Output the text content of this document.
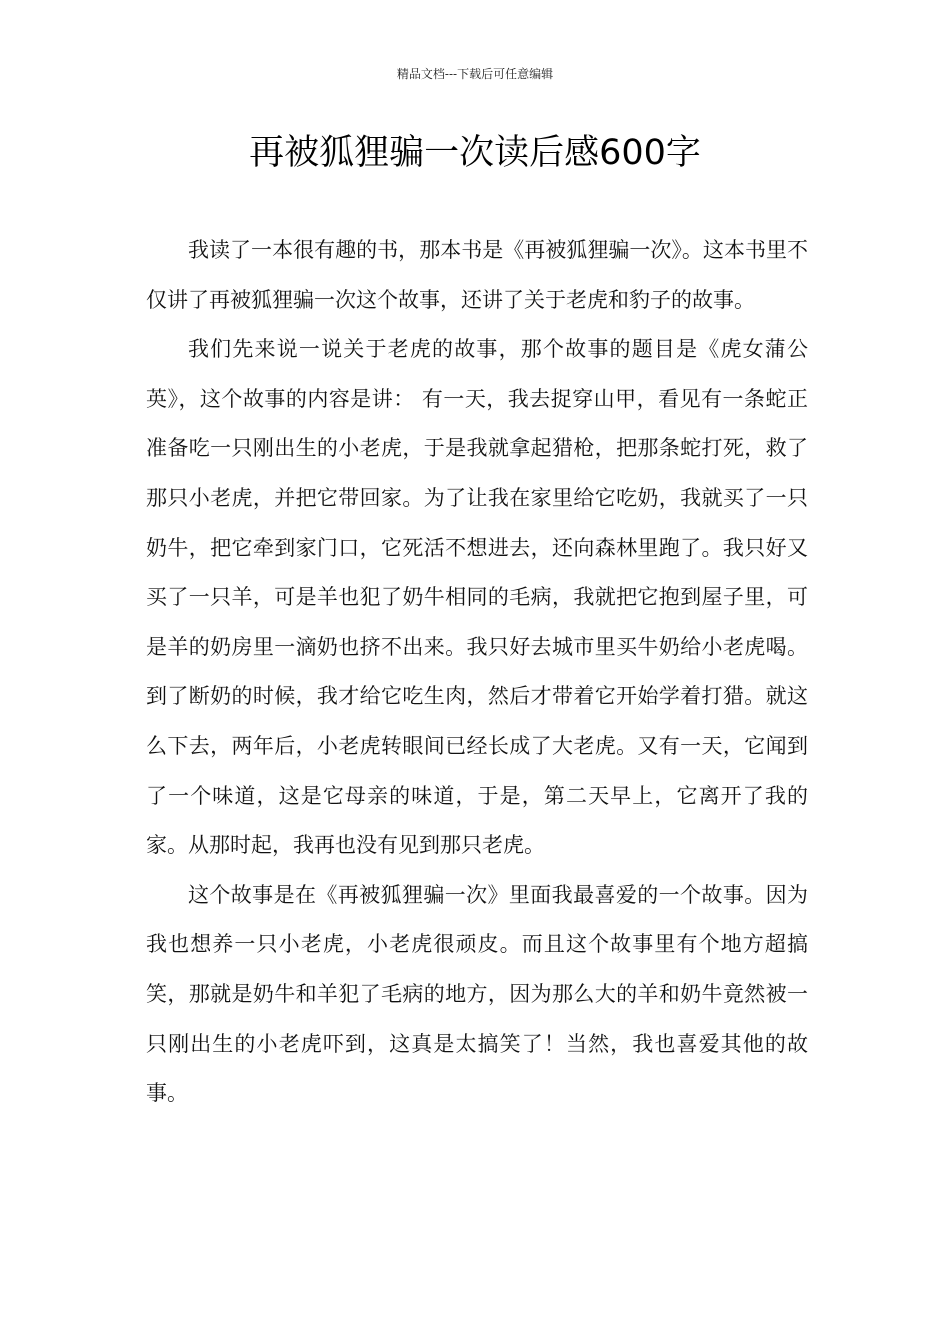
精品文档---下载后可任意编辑
再被狐狸骗一次读后感600字

我读了一本很有趣的书，那本书是《再被狐狸骗一次》。这本书里不仅讲了再被狐狸骗一次这个故事，还讲了关于老虎和豹子的故事。

我们先来说一说关于老虎的故事，那个故事的题目是《虎女蒲公英》，这个故事的内容是讲： 有一天，我去捉穿山甲，看见有一条蛇正准备吃一只刚出生的小老虎，于是我就拿起猎枪，把那条蛇打死，救了那只小老虎，并把它带回家。为了让我在家里给它吃奶，我就买了一只奶牛，把它牵到家门口，它死活不想进去，还向森林里跑了。我只好又买了一只羊，可是羊也犯了奶牛相同的毛病，我就把它抱到屋子里，可是羊的奶房里一滴奶也挤不出来。我只好去城市里买牛奶给小老虎喝。到了断奶的时候，我才给它吃生肉，然后才带着它开始学着打猎。就这么下去，两年后，小老虎转眼间已经长成了大老虎。又有一天，它闻到了一个味道，这是它母亲的味道，于是，第二天早上，它离开了我的家。从那时起，我再也没有见到那只老虎。

这个故事是在《再被狐狸骗一次》里面我最喜爱的一个故事。因为我也想养一只小老虎，小老虎很顽皮。而且这个故事里有个地方超搞笑，那就是奶牛和羊犯了毛病的地方，因为那么大的羊和奶牛竟然被一只刚出生的小老虎吓到，这真是太搞笑了！当然，我也喜爱其他的故事。
